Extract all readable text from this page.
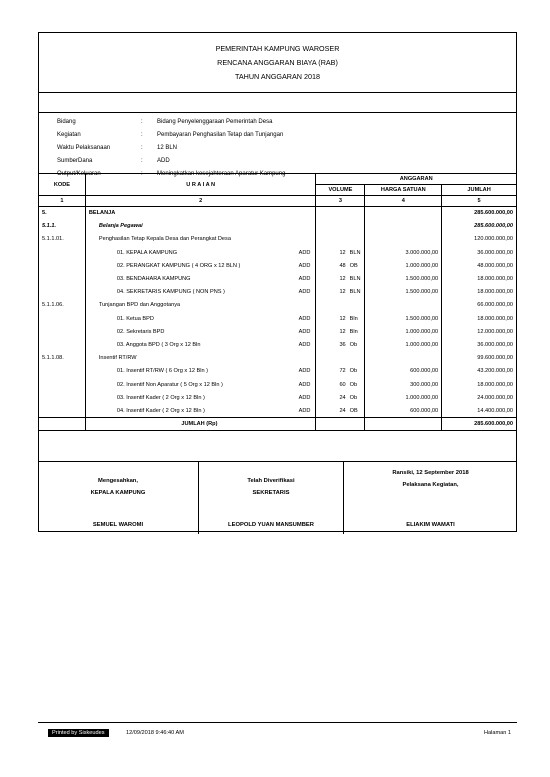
PEMERINTAH KAMPUNG WAROSER
RENCANA ANGGARAN BIAYA (RAB)
TAHUN ANGGARAN 2018
Bidang	: Bidang Penyelenggaraan Pemerintah Desa
Kegiatan	: Pembayaran Penghasilan Tetap dan Tunjangan
Waktu Pelaksanaan	: 12 BLN
SumberDana	: ADD
Output/Keluaran	: Meningkatkan kesejahteraan Aparatur Kampung
KODE	U R A I A N	ANGGARAN		
		VOLUME	HARGA SATUAN	JUMLAH
1	2	3	4	5
5.	BELANJA			285.600.000,00
5.1.1.	Belanja Pegawai			285.600.000,00
5.1.1.01.	Penghasilan Tetap Kepala Desa dan Perangkat Desa			120.000.000,00

	01. KEPALA KAMPUNG ADD	12 BLN	3.000.000,00	36.000.000,00

	02. PERANGKAT KAMPUNG ( 4 ORG x 12 BLN ) ADD	48 OB	1.000.000,00	48.000.000,00

	03. BENDAHARA KAMPUNG ADD	12 BLN	1.500.000,00	18.000.000,00

	04. SEKRETARIS KAMPUNG ( NON PNS ) ADD	12 BLN	1.500.000,00	18.000.000,00
5.1.1.06.	Tunjangan BPD dan Anggotanya			66.000.000,00

	01. Ketua BPD ADD	12 Bln	1.500.000,00	18.000.000,00

	02. Sekretaris BPD ADD	12 Bln	1.000.000,00	12.000.000,00

	03. Anggota BPD ( 3 Org x 12 Bln ADD	36 Ob	1.000.000,00	36.000.000,00
5.1.1.08.	Insentif RT/RW			99.600.000,00

	01. Insentif RT/RW ( 6 Org x 12 Bln ) ADD	72 Ob	600.000,00	43.200.000,00

	02. Insentif Non Aparatur ( 5 Org x 12 Bln ) ADD	60 Ob	300.000,00	18.000.000,00

	03. Insentif Kader ( 2 Org x 12 Bln ) ADD	24 Ob	1.000.000,00	24.000.000,00

	04. Insentif Kader ( 2 Org x 12 Bln ) ADD	24 OB	600.000,00	14.400.000,00
	JUMLAH (Rp)			285.600.000,00
Mengesahkan,
KEPALA KAMPUNG
SEMUEL WAROMI
Telah Diverifikasi
SEKRETARIS
LEOPOLD YUAN MANSUMBER
Ransiki, 12 September 2018
Pelaksana Kegiatan,
ELIAKIM WAMATI
Printed by Siskeudes	12/09/2018 9:46:40 AM	Halaman 1
